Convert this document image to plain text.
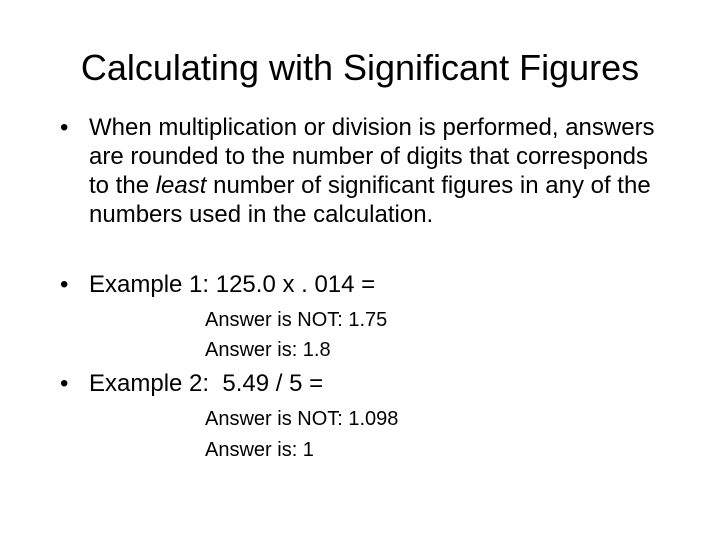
Calculating with Significant Figures
• When multiplication or division is performed, answers are rounded to the number of digits that corresponds to the least number of significant figures in any of the numbers used in the calculation.
• Example 1: 125.0 x . 014 =
Answer is NOT: 1.75
Answer is: 1.8
• Example 2:  5.49 / 5 =
Answer is NOT: 1.098
Answer is: 1
